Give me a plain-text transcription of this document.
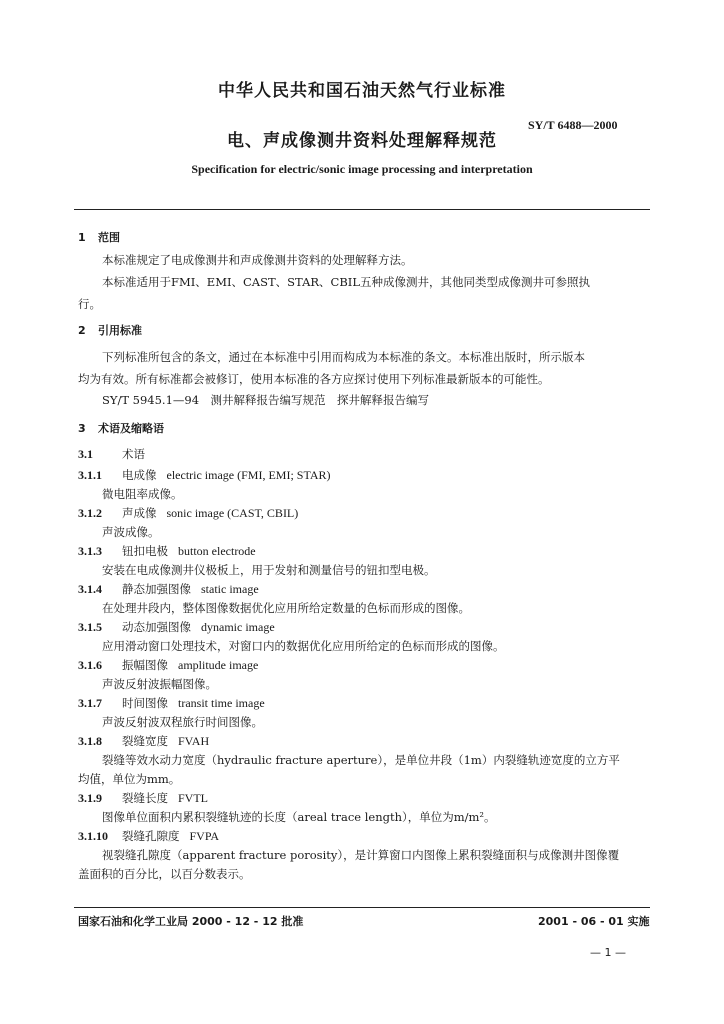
中华人民共和国石油天然气行业标准
SY/T 6488—2000
电、声成像测井资料处理解释规范
Specification for electric/sonic image processing and interpretation
1 范围
本标准规定了电成像测井和声成像测井资料的处理解释方法。
本标准适用于FMI、EMI、CAST、STAR、CBIL五种成像测井，其他同类型成像测井可参照执
行。
2 引用标准
下列标准所包含的条文，通过在本标准中引用而构成为本标准的条文。本标准出版时，所示版本
均为有效。所有标准都会被修订，使用本标准的各方应探讨使用下列标准最新版本的可能性。
SY/T 5945.1—94　测井解释报告编写规范　探井解释报告编写
3 术语及缩略语
3.1	术语
3.1.1 电成像 electric image (FMI, EMI; STAR)
微电阻率成像。
3.1.2 声成像 sonic image (CAST, CBIL)
声波成像。
3.1.3 钮扣电极 button electrode
安装在电成像测井仪极板上，用于发射和测量信号的钮扣型电极。
3.1.4 静态加强图像 static image
在处理井段内，整体图像数据优化应用所给定数量的色标而形成的图像。
3.1.5 动态加强图像 dynamic image
应用滑动窗口处理技术，对窗口内的数据优化应用所给定的色标而形成的图像。
3.1.6 振幅图像 amplitude image
声波反射波振幅图像。
3.1.7 时间图像 transit time image
声波反射波双程旅行时间图像。
3.1.8 裂缝宽度 FVAH
裂缝等效水动力宽度（hydraulic fracture aperture），是单位井段（1m）内裂缝轨迹宽度的立方平
均值，单位为mm。
3.1.9 裂缝长度 FVTL
图像单位面积内累积裂缝轨迹的长度（areal trace length），单位为m/m²。
3.1.10 裂缝孔隙度 FVPA
视裂缝孔隙度（apparent fracture porosity），是计算窗口内图像上累积裂缝面积与成像测井图像覆
盖面积的百分比，以百分数表示。
国家石油和化学工业局 2000 - 12 - 12 批准	2001 - 06 - 01 实施
— 1 —
